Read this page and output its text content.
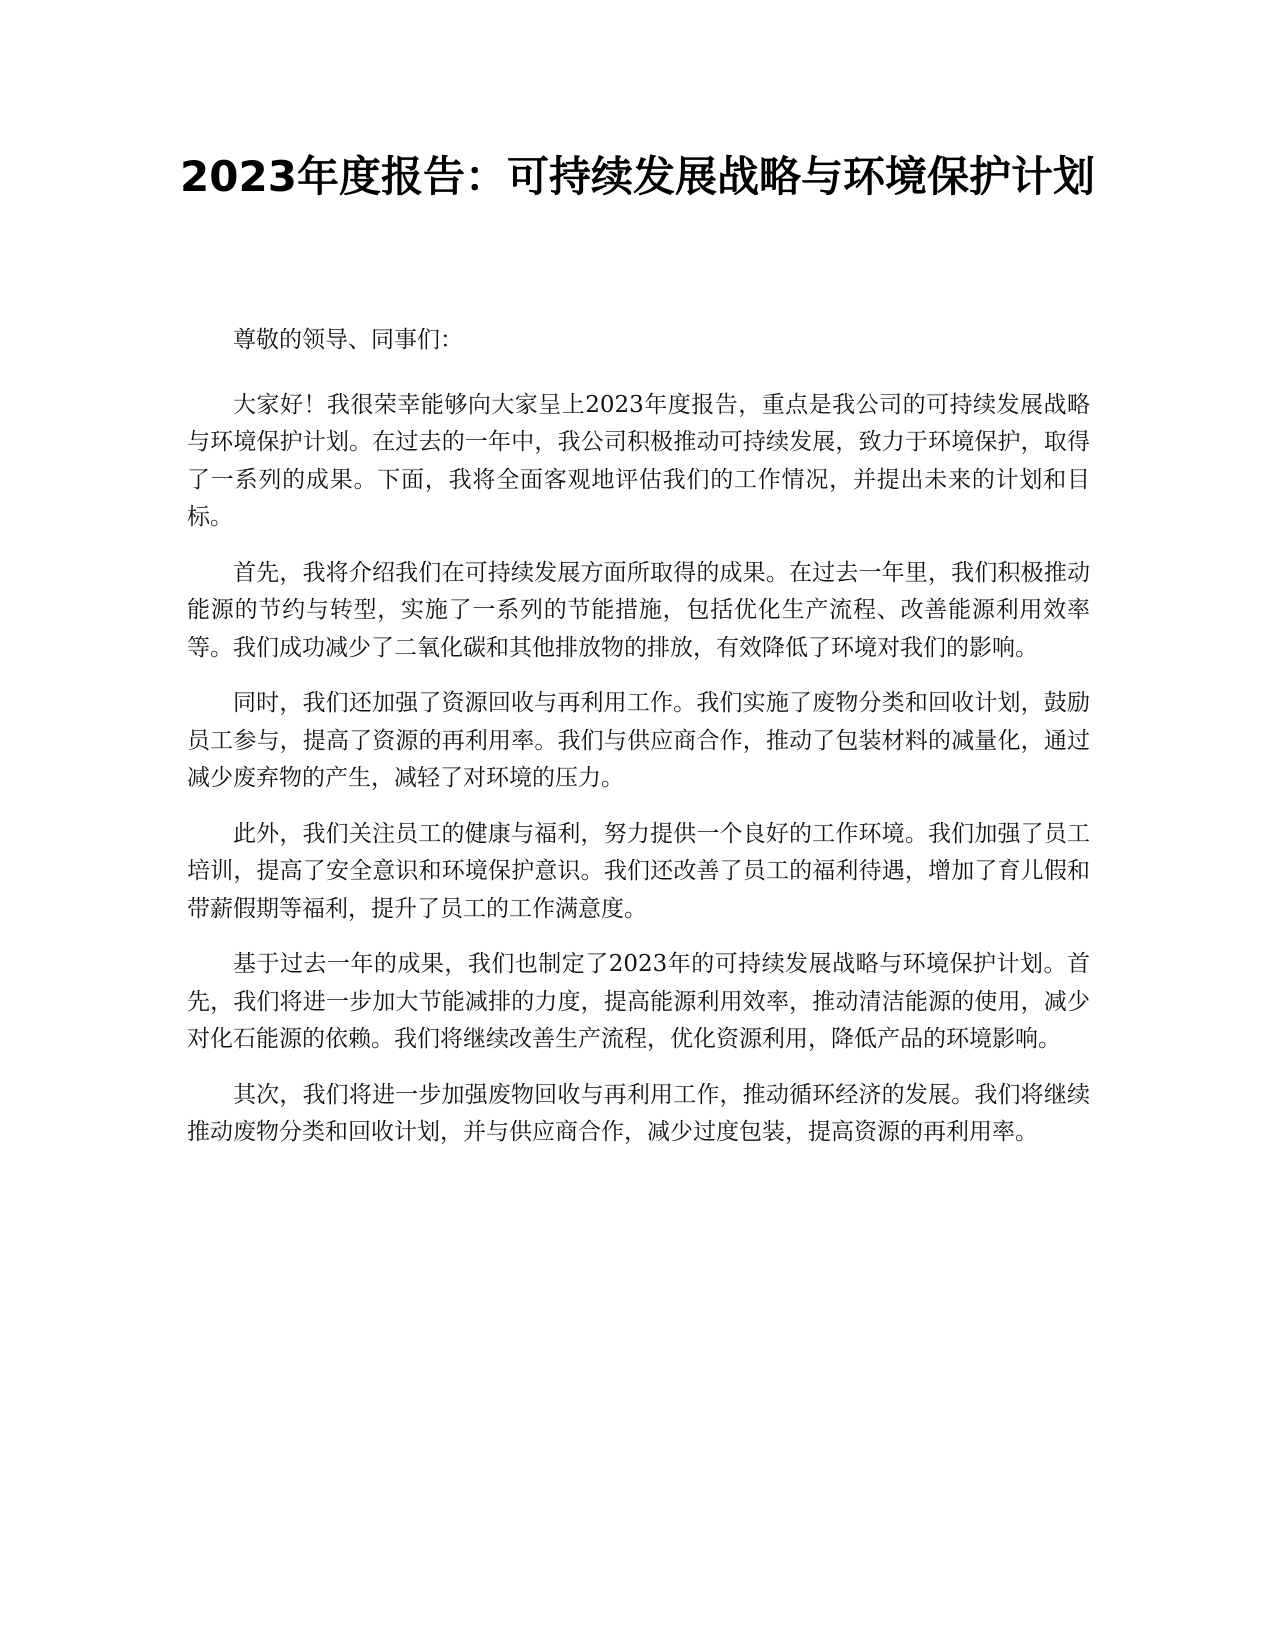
2023年度报告：可持续发展战略与环境保护计划

尊敬的领导、同事们：

大家好！我很荣幸能够向大家呈上2023年度报告，重点是我公司的可持续发展战略与环境保护计划。在过去的一年中，我公司积极推动可持续发展，致力于环境保护，取得了一系列的成果。下面，我将全面客观地评估我们的工作情况，并提出未来的计划和目标。

首先，我将介绍我们在可持续发展方面所取得的成果。在过去一年里，我们积极推动能源的节约与转型，实施了一系列的节能措施，包括优化生产流程、改善能源利用效率等。我们成功减少了二氧化碳和其他排放物的排放，有效降低了环境对我们的影响。

同时，我们还加强了资源回收与再利用工作。我们实施了废物分类和回收计划，鼓励员工参与，提高了资源的再利用率。我们与供应商合作，推动了包装材料的减量化，通过减少废弃物的产生，减轻了对环境的压力。

此外，我们关注员工的健康与福利，努力提供一个良好的工作环境。我们加强了员工培训，提高了安全意识和环境保护意识。我们还改善了员工的福利待遇，增加了育儿假和带薪假期等福利，提升了员工的工作满意度。

基于过去一年的成果，我们也制定了2023年的可持续发展战略与环境保护计划。首先，我们将进一步加大节能减排的力度，提高能源利用效率，推动清洁能源的使用，减少对化石能源的依赖。我们将继续改善生产流程，优化资源利用，降低产品的环境影响。

其次，我们将进一步加强废物回收与再利用工作，推动循环经济的发展。我们将继续推动废物分类和回收计划，并与供应商合作，减少过度包装，提高资源的再利用率。
